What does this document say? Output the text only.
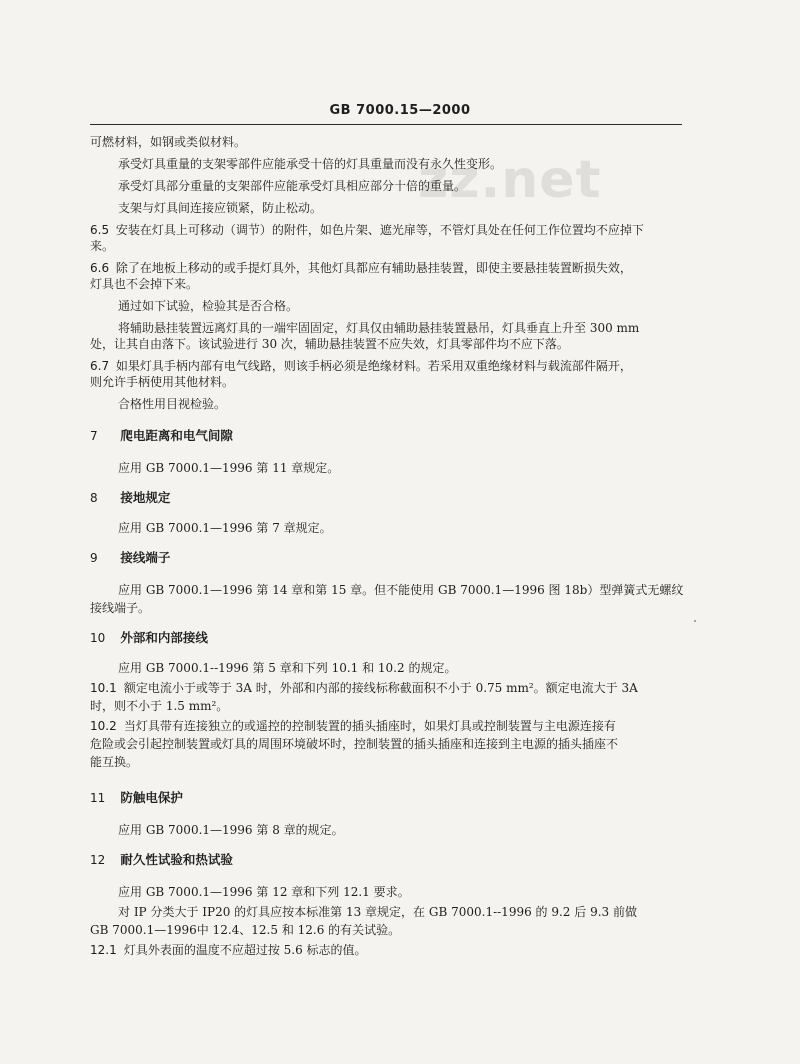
zz.net
GB 7000.15—2000
可燃材料，如钢或类似材料。
承受灯具重量的支架零部件应能承受十倍的灯具重量而没有永久性变形。
承受灯具部分重量的支架部件应能承受灯具相应部分十倍的重量。
支架与灯具间连接应锁紧，防止松动。
6.5 安装在灯具上可移动（调节）的附件，如色片架、遮光扉等，不管灯具处在任何工作位置均不应掉下
来。
6.6 除了在地板上移动的或手提灯具外，其他灯具都应有辅助悬挂装置，即使主要悬挂装置断损失效，
灯具也不会掉下来。
通过如下试验，检验其是否合格。
将辅助悬挂装置远离灯具的一端牢固固定，灯具仅由辅助悬挂装置悬吊，灯具垂直上升至 300 mm
处，让其自由落下。该试验进行 30 次，辅助悬挂装置不应失效，灯具零部件均不应下落。
6.7 如果灯具手柄内部有电气线路，则该手柄必须是绝缘材料。若采用双重绝缘材料与载流部件隔开，
则允许手柄使用其他材料。
合格性用目视检验。
7 爬电距离和电气间隙
应用 GB 7000.1—1996 第 11 章规定。
8 接地规定
应用 GB 7000.1—1996 第 7 章规定。
9 接线端子
应用 GB 7000.1—1996 第 14 章和第 15 章。但不能使用 GB 7000.1—1996 图 18b）型弹簧式无螺纹
接线端子。
10 外部和内部接线
应用 GB 7000.1--1996 第 5 章和下列 10.1 和 10.2 的规定。
10.1 额定电流小于或等于 3A 时，外部和内部的接线标称截面积不小于 0.75 mm²。额定电流大于 3A
时，则不小于 1.5 mm²。
10.2 当灯具带有连接独立的或遥控的控制装置的插头插座时，如果灯具或控制装置与主电源连接有
危险或会引起控制装置或灯具的周围环境破坏时，控制装置的插头插座和连接到主电源的插头插座不
能互换。
11 防触电保护
应用 GB 7000.1—1996 第 8 章的规定。
12 耐久性试验和热试验
应用 GB 7000.1—1996 第 12 章和下列 12.1 要求。
对 IP 分类大于 IP20 的灯具应按本标准第 13 章规定，在 GB 7000.1--1996 的 9.2 后 9.3 前做
GB 7000.1—1996中 12.4、12.5 和 12.6 的有关试验。
12.1 灯具外表面的温度不应超过按 5.6 标志的值。
